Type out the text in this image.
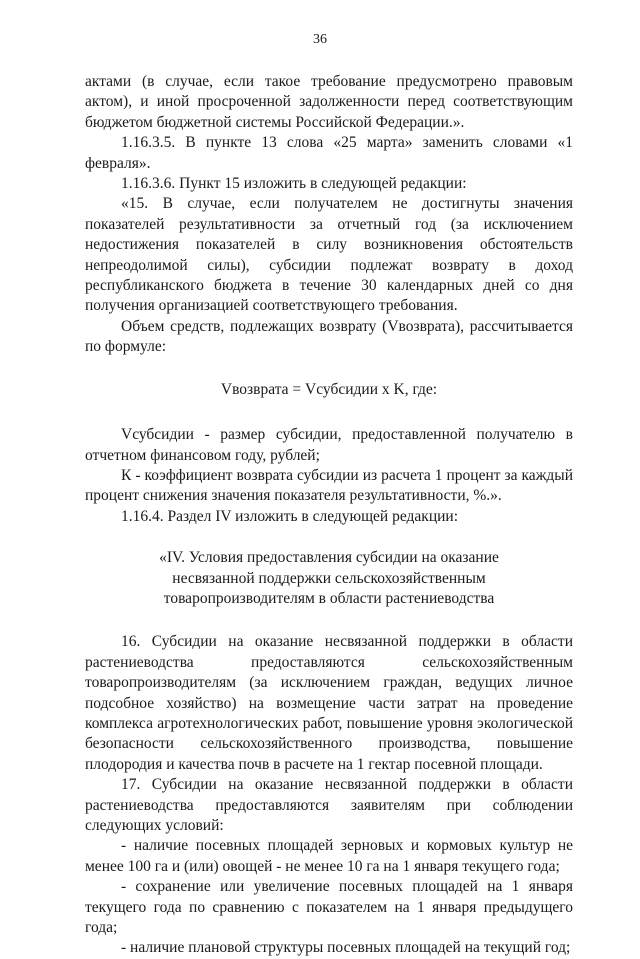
36

актами (в случае, если такое требование предусмотрено правовым актом), и иной просроченной задолженности перед соответствующим бюджетом бюджетной системы Российской Федерации.».

1.16.3.5. В пункте 13 слова «25 марта» заменить словами «1 февраля».

1.16.3.6. Пункт 15 изложить в следующей редакции:

«15. В случае, если получателем не достигнуты значения показателей результативности за отчетный год (за исключением недостижения показателей в силу возникновения обстоятельств непреодолимой силы), субсидии подлежат возврату в доход республиканского бюджета в течение 30 календарных дней со дня получения организацией соответствующего требования.

Объем средств, подлежащих возврату (Vвозврата), рассчитывается по формуле:

Vвозврата = Vсубсидии x K, где:

Vсубсидии - размер субсидии, предоставленной получателю в отчетном финансовом году, рублей;

К - коэффициент возврата субсидии из расчета 1 процент за каждый процент снижения значения показателя результативности, %.».

1.16.4. Раздел IV изложить в следующей редакции:

«IV. Условия предоставления субсидии на оказание
несвязанной поддержки сельскохозяйственным
товаропроизводителям в области растениеводства

16. Субсидии на оказание несвязанной поддержки в области растениеводства предоставляются сельскохозяйственным товаропроизводителям (за исключением граждан, ведущих личное подсобное хозяйство) на возмещение части затрат на проведение комплекса агротехнологических работ, повышение уровня экологической безопасности сельскохозяйственного производства, повышение плодородия и качества почв в расчете на 1 гектар посевной площади.

17. Субсидии на оказание несвязанной поддержки в области растениеводства предоставляются заявителям при соблюдении следующих условий:

- наличие посевных площадей зерновых и кормовых культур не менее 100 га и (или) овощей - не менее 10 га на 1 января текущего года;

- сохранение или увеличение посевных площадей на 1 января текущего года по сравнению с показателем на 1 января предыдущего года;

- наличие плановой структуры посевных площадей на текущий год;
